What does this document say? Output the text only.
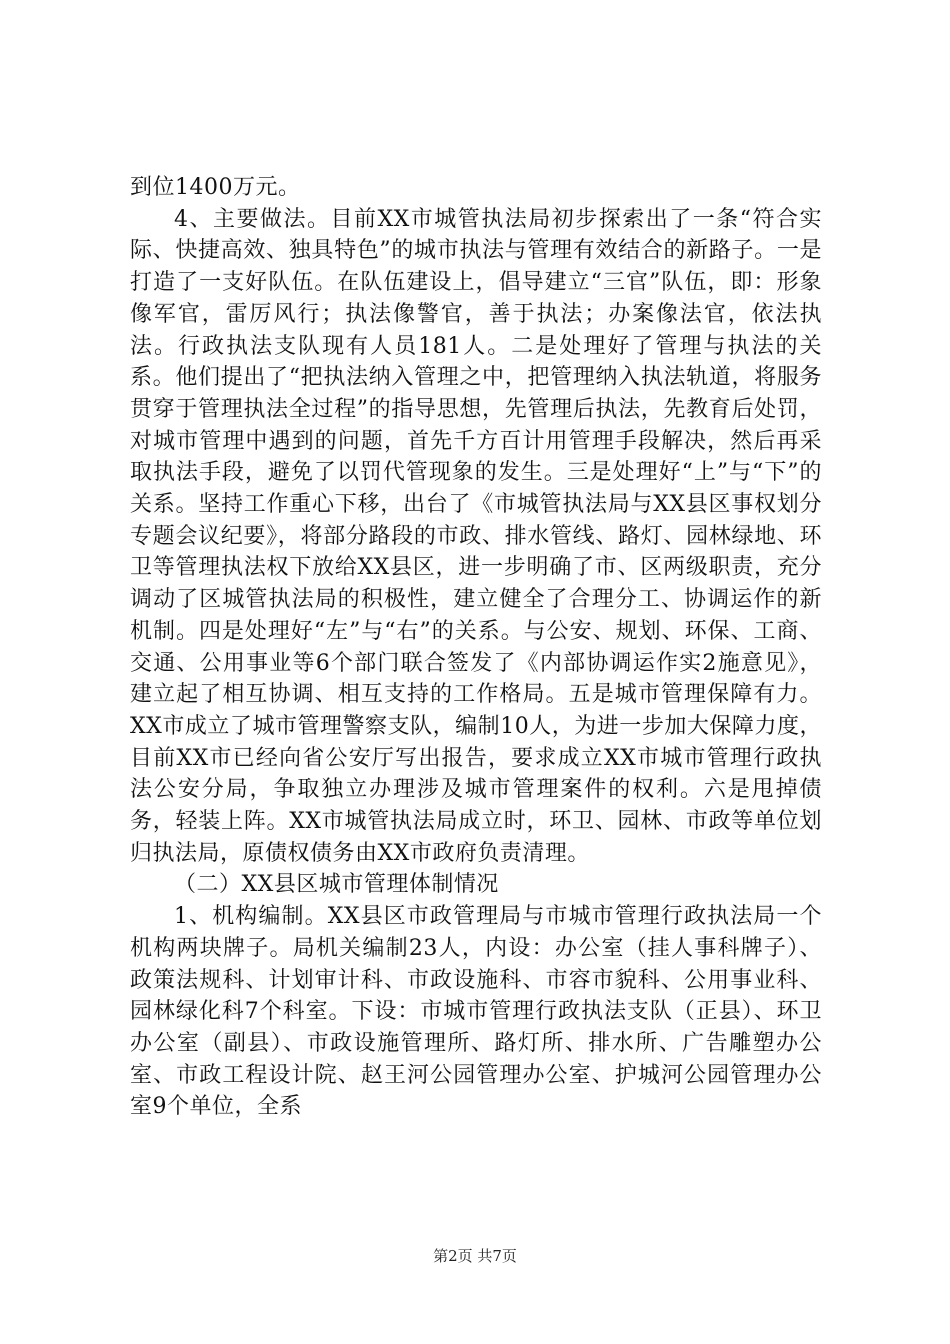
到位1400万元。

4、主要做法。目前XX市城管执法局初步探索出了一条“符合实际、快捷高效、独具特色”的城市执法与管理有效结合的新路子。一是打造了一支好队伍。在队伍建设上，倡导建立“三官”队伍，即：形象像军官，雷厉风行；执法像警官，善于执法；办案像法官，依法执法。行政执法支队现有人员181人。二是处理好了管理与执法的关系。他们提出了“把执法纳入管理之中，把管理纳入执法轨道，将服务贯穿于管理执法全过程”的指导思想，先管理后执法，先教育后处罚，对城市管理中遇到的问题，首先千方百计用管理手段解决，然后再采取执法手段，避免了以罚代管现象的发生。三是处理好“上”与“下”的关系。坚持工作重心下移，出台了《市城管执法局与XX县区事权划分专题会议纪要》，将部分路段的市政、排水管线、路灯、园林绿地、环卫等管理执法权下放给XX县区，进一步明确了市、区两级职责，充分调动了区城管执法局的积极性，建立健全了合理分工、协调运作的新机制。四是处理好“左”与“右”的关系。与公安、规划、环保、工商、交通、公用事业等6个部门联合签发了《内部协调运作实2施意见》，建立起了相互协调、相互支持的工作格局。五是城市管理保障有力。XX市成立了城市管理警察支队，编制10人，为进一步加大保障力度，目前XX市已经向省公安厅写出报告，要求成立XX市城市管理行政执法公安分局，争取独立办理涉及城市管理案件的权利。六是甩掉债务，轻装上阵。XX市城管执法局成立时，环卫、园林、市政等单位划归执法局，原债权债务由XX市政府负责清理。

（二）XX县区城市管理体制情况

1、机构编制。XX县区市政管理局与市城市管理行政执法局一个机构两块牌子。局机关编制23人，内设：办公室（挂人事科牌子）、政策法规科、计划审计科、市政设施科、市容市貌科、公用事业科、园林绿化科7个科室。下设：市城市管理行政执法支队（正县）、环卫办公室（副县）、市政设施管理所、路灯所、排水所、广告雕塑办公室、市政工程设计院、赵王河公园管理办公室、护城河公园管理办公室9个单位，全系

第2页 共7页
